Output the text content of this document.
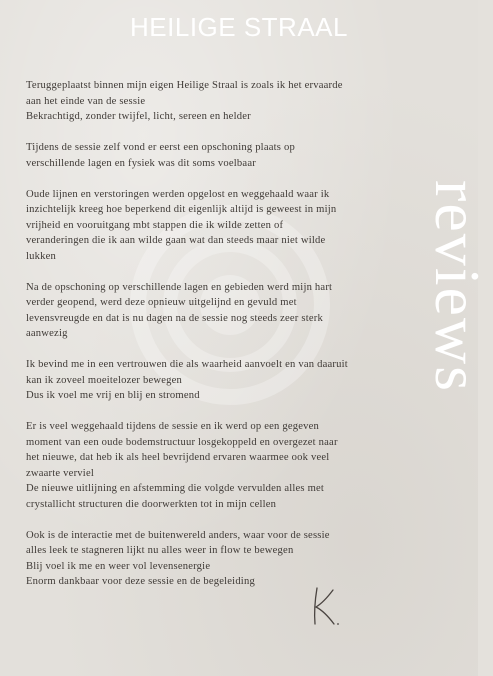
HEILIGE STRAAL
reviews

Teruggeplaatst binnen mijn eigen Heilige Straal is zoals ik het ervaarde
aan het einde van de sessie
Bekrachtigd, zonder twijfel, licht, sereen en helder

Tijdens de sessie zelf vond er eerst een opschoning plaats op
verschillende lagen en fysiek was dit soms voelbaar

Oude lijnen en verstoringen werden opgelost en weggehaald waar ik
inzichtelijk kreeg hoe beperkend dit eigenlijk altijd is geweest in mijn
vrijheid en vooruitgang mbt stappen die ik wilde zetten of
veranderingen die ik aan wilde gaan wat dan steeds maar niet wilde
lukken

Na de opschoning op verschillende lagen en gebieden werd mijn hart
verder geopend, werd deze opnieuw uitgelijnd en gevuld met
levensvreugde en dat is nu dagen na de sessie nog steeds zeer sterk
aanwezig

Ik bevind me in een vertrouwen die als waarheid aanvoelt en van daaruit
kan ik zoveel moeitelozer bewegen
Dus ik voel me vrij en blij en stromend

Er is veel weggehaald tijdens de sessie en ik werd op een gegeven
moment van een oude bodemstructuur losgekoppeld en overgezet naar
het nieuwe, dat heb ik als heel bevrijdend ervaren waarmee ook veel
zwaarte verviel
De nieuwe uitlijning en afstemming die volgde vervulden alles met
crystallicht structuren die doorwerkten tot in mijn cellen

Ook is de interactie met de buitenwereld anders, waar voor de sessie
alles leek te stagneren lijkt nu alles weer in flow te bewegen
Blij voel ik me en weer vol levensenergie
Enorm dankbaar voor deze sessie en de begeleiding
